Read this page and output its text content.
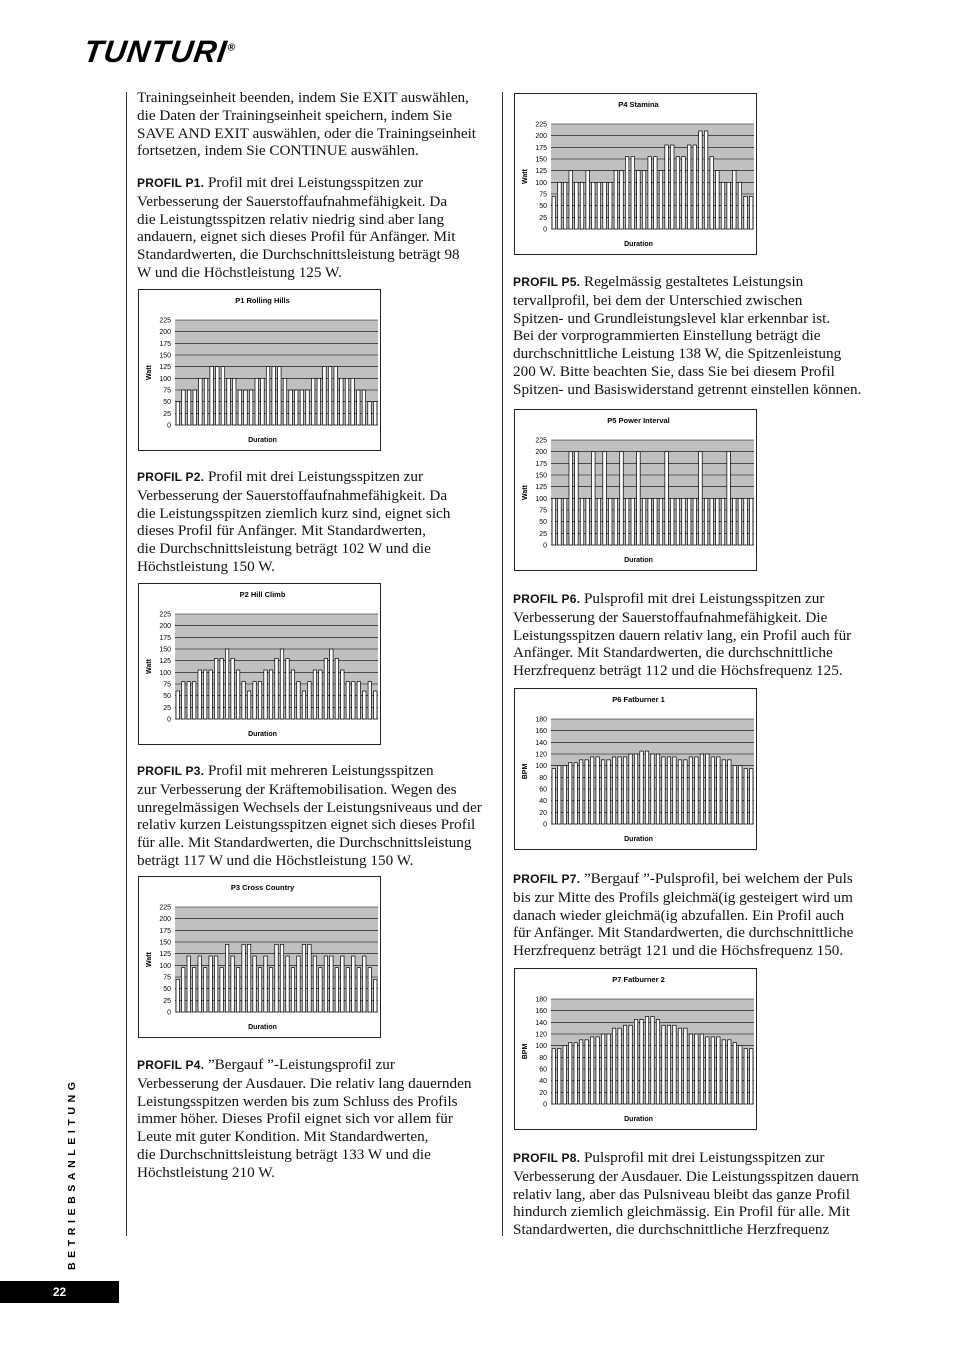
TUNTURI®
BETRIEBSANLEITUNG
22

Trainingseinheit beenden, indem Sie EXIT auswählen,
die Daten der Trainingseinheit speichern, indem Sie
SAVE AND EXIT auswählen, oder die Trainingseinheit
fortsetzen, indem Sie CONTINUE auswählen.

PROFIL P1. Profil mit drei Leistungsspitzen zur
Verbesserung der Sauerstoffaufnahmefähigkeit. Da
die Leistungtsspitzen relativ niedrig sind aber lang
andauern, eignet sich dieses Profil für Anfänger. Mit
Standardwerten, die Durchschnittsleistung beträgt 98
W und die Höchstleistung 125 W.

P1 Rolling Hills
0
25
50
75
100
125
150
175
200
225
Watt
Duration

PROFIL P2. Profil mit drei Leistungsspitzen zur
Verbesserung der Sauerstoffaufnahmefähigkeit. Da
die Leistungsspitzen ziemlich kurz sind, eignet sich
dieses Profil für Anfänger. Mit Standardwerten,
die Durchschnittsleistung beträgt 102 W und die
Höchstleistung 150 W.

P2 Hill Climb
0
25
50
75
100
125
150
175
200
225
Watt
Duration

PROFIL P3. Profil mit mehreren Leistungsspitzen
zur Verbesserung der Kräftemobilisation. Wegen des
unregelmässigen Wechsels der Leistungsniveaus und der
relativ kurzen Leistungsspitzen eignet sich dieses Profil
für alle. Mit Standardwerten, die Durchschnittsleistung
beträgt 117 W und die Höchstleistung 150 W.

P3 Cross Country
0
25
50
75
100
125
150
175
200
225
Watt
Duration

PROFIL P4. ”Bergauf ”-Leistungsprofil zur
Verbesserung der Ausdauer. Die relativ lang dauernden
Leistungsspitzen werden bis zum Schluss des Profils
immer höher. Dieses Profil eignet sich vor allem für
Leute mit guter Kondition. Mit Standardwerten,
die Durchschnittsleistung beträgt 133 W und die
Höchstleistung 210 W.

P4 Stamina
0
25
50
75
100
125
150
175
200
225
Watt
Duration

PROFIL P5. Regelmässig gestaltetes Leistungsin
tervallprofil, bei dem der Unterschied zwischen
Spitzen- und Grundleistungslevel klar erkennbar ist.
Bei der vorprogrammierten Einstellung beträgt die
durchschnittliche Leistung 138 W, die Spitzenleistung
200 W. Bitte beachten Sie, dass Sie bei diesem Profil
Spitzen- und Basiswiderstand getrennt einstellen können.

P5 Power Interval
0
25
50
75
100
125
150
175
200
225
Watt
Duration

PROFIL P6. Pulsprofil mit drei Leistungsspitzen zur
Verbesserung der Sauerstoffaufnahmefähigkeit. Die
Leistungsspitzen dauern relativ lang, ein Profil auch für
Anfänger. Mit Standardwerten, die durchschnittliche
Herzfrequenz beträgt 112 und die Höchsfrequenz 125.

P6 Fatburner 1
0
20
40
60
80
100
120
140
160
180
BPM
Duration

PROFIL P7. ”Bergauf ”-Pulsprofil, bei welchem der Puls
bis zur Mitte des Profils gleichmä(ig gesteigert wird um
danach wieder gleichmä(ig abzufallen. Ein Profil auch
für Anfänger. Mit Standardwerten, die durchschnittliche
Herzfrequenz beträgt 121 und die Höchsfrequenz 150.

P7 Fatburner 2
0
20
40
60
80
100
120
140
160
180
BPM
Duration

PROFIL P8. Pulsprofil mit drei Leistungsspitzen zur
Verbesserung der Ausdauer. Die Leistungsspitzen dauern
relativ lang, aber das Pulsniveau bleibt das ganze Profil
hindurch ziemlich gleichmässig. Ein Profil für alle. Mit
Standardwerten, die durchschnittliche Herzfrequenz
